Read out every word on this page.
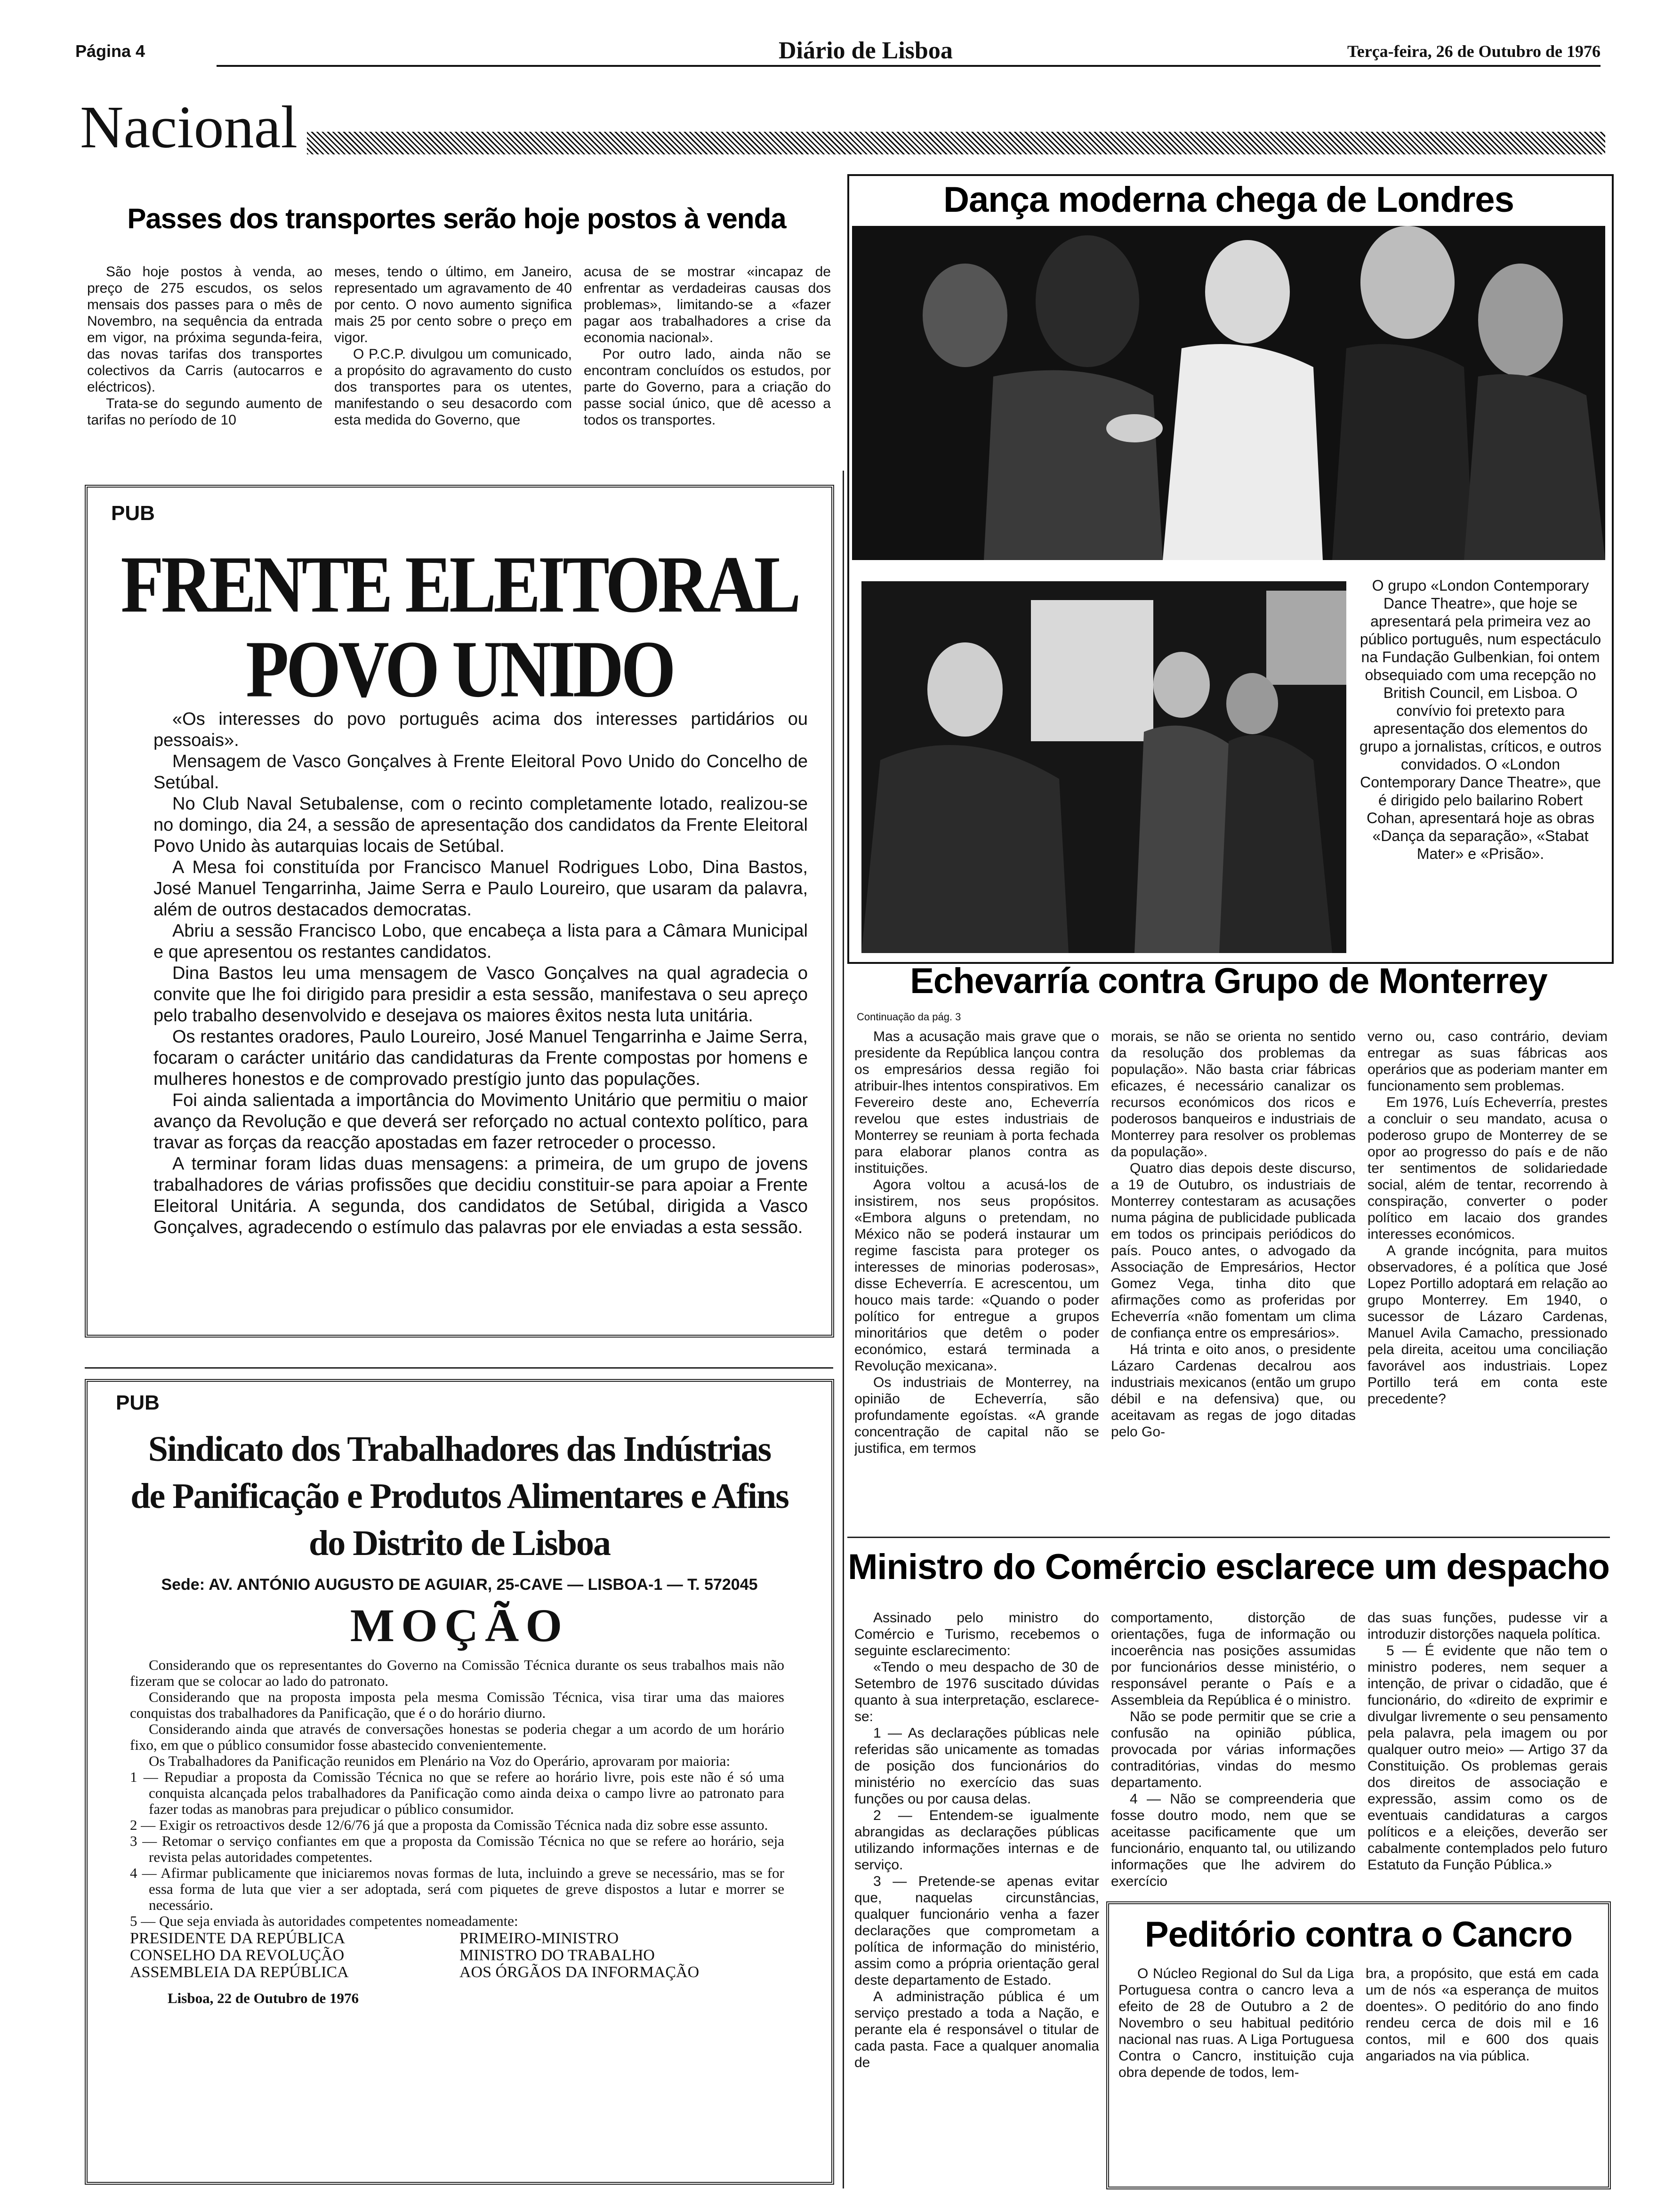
Página 4	Diário de Lisboa	Terça-feira, 26 de Outubro de 1976
Nacional
Passes dos transportes serão hoje postos à venda

São hoje postos à venda, ao preço de 275 escudos, os selos mensais dos passes para o mês de Novembro, na sequência da entrada em vigor, na próxima segunda-feira, das novas tarifas dos transportes colectivos da Carris (autocarros e eléctricos).

Trata-se do segundo aumento de tarifas no período de 10

meses, tendo o último, em Janeiro, representado um agravamento de 40 por cento. O novo aumento significa mais 25 por cento sobre o preço em vigor.

O P.C.P. divulgou um comunicado, a propósito do agravamento do custo dos transportes para os utentes, manifestando o seu desacordo com esta medida do Governo, que

acusa de se mostrar «incapaz de enfrentar as verdadeiras causas dos problemas», limitando-se a «fazer pagar aos trabalhadores a crise da economia nacional».

Por outro lado, ainda não se encontram concluídos os estudos, por parte do Governo, para a criação do passe social único, que dê acesso a todos os transportes.

PUB
FRENTE ELEITORAL
POVO UNIDO

«Os interesses do povo português acima dos interesses partidários ou pessoais».

Mensagem de Vasco Gonçalves à Frente Eleitoral Povo Unido do Concelho de Setúbal.

No Club Naval Setubalense, com o recinto completamente lotado, realizou-se no domingo, dia 24, a sessão de apresentação dos candidatos da Frente Eleitoral Povo Unido às autarquias locais de Setúbal.

A Mesa foi constituída por Francisco Manuel Rodrigues Lobo, Dina Bastos, José Manuel Tengarrinha, Jaime Serra e Paulo Loureiro, que usaram da palavra, além de outros destacados democratas.

Abriu a sessão Francisco Lobo, que encabeça a lista para a Câmara Municipal e que apresentou os restantes candidatos.

Dina Bastos leu uma mensagem de Vasco Gonçalves na qual agradecia o convite que lhe foi dirigido para presidir a esta sessão, manifestava o seu apreço pelo trabalho desenvolvido e desejava os maiores êxitos nesta luta unitária.

Os restantes oradores, Paulo Loureiro, José Manuel Tengarrinha e Jaime Serra, focaram o carácter unitário das candidaturas da Frente compostas por homens e mulheres honestos e de comprovado prestígio junto das populações.

Foi ainda salientada a importância do Movimento Unitário que permitiu o maior avanço da Revolução e que deverá ser reforçado no actual contexto político, para travar as forças da reacção apostadas em fazer retroceder o processo.

A terminar foram lidas duas mensagens: a primeira, de um grupo de jovens trabalhadores de várias profissões que decidiu constituir-se para apoiar a Frente Eleitoral Unitária. A segunda, dos candidatos de Setúbal, dirigida a Vasco Gonçalves, agradecendo o estímulo das palavras por ele enviadas a esta sessão.

PUB
Sindicato dos Trabalhadores das Indústrias
de Panificação e Produtos Alimentares e Afins
do Distrito de Lisboa
Sede: AV. ANTÓNIO AUGUSTO DE AGUIAR, 25-CAVE — LISBOA-1 — T. 572045
MOÇÃO

Considerando que os representantes do Governo na Comissão Técnica durante os seus trabalhos mais não fizeram que se colocar ao lado do patronato.

Considerando que na proposta imposta pela mesma Comissão Técnica, visa tirar uma das maiores conquistas dos trabalhadores da Panificação, que é o do horário diurno.

Considerando ainda que através de conversações honestas se poderia chegar a um acordo de um horário fixo, em que o público consumidor fosse abastecido convenientemente.

Os Trabalhadores da Panificação reunidos em Plenário na Voz do Operário, aprovaram por maioria:

1 — Repudiar a proposta da Comissão Técnica no que se refere ao horário livre, pois este não é só uma conquista alcançada pelos trabalhadores da Panificação como ainda deixa o campo livre ao patronato para fazer todas as manobras para prejudicar o público consumidor.
2 — Exigir os retroactivos desde 12/6/76 já que a proposta da Comissão Técnica nada diz sobre esse assunto.
3 — Retomar o serviço confiantes em que a proposta da Comissão Técnica no que se refere ao horário, seja revista pelas autoridades competentes.
4 — Afirmar publicamente que iniciaremos novas formas de luta, incluindo a greve se necessário, mas se for essa forma de luta que vier a ser adoptada, será com piquetes de greve dispostos a lutar e morrer se necessário.
5 — Que seja enviada às autoridades competentes nomeadamente:
PRESIDENTE DA REPÚBLICA
CONSELHO DA REVOLUÇÃO
ASSEMBLEIA DA REPÚBLICA
PRIMEIRO-MINISTRO
MINISTRO DO TRABALHO
AOS ÓRGÃOS DA INFORMAÇÃO
Lisboa, 22 de Outubro de 1976
Dança moderna chega de Londres
O grupo «London Contemporary Dance Theatre», que hoje se apresentará pela primeira vez ao público português, num espectáculo na Fundação Gulbenkian, foi ontem obsequiado com uma recepção no British Council, em Lisboa. O convívio foi pretexto para apresentação dos elementos do grupo a jornalistas, críticos, e outros convidados. O «London Contemporary Dance Theatre», que é dirigido pelo bailarino Robert Cohan, apresentará hoje as obras «Dança da separação», «Stabat Mater» e «Prisão».
Echevarría contra Grupo de Monterrey
Continuação da pág. 3

Mas a acusação mais grave que o presidente da República lançou contra os empresários dessa região foi atribuir-lhes intentos conspirativos. Em Fevereiro deste ano, Echeverría revelou que estes industriais de Monterrey se reuniam à porta fechada para elaborar planos contra as instituições.

Agora voltou a acusá-los de insistirem, nos seus propósitos. «Embora alguns o pretendam, no México não se poderá instaurar um regime fascista para proteger os interesses de minorias poderosas», disse Echeverría. E acrescentou, um houco mais tarde: «Quando o poder político for entregue a grupos minoritários que detêm o poder económico, estará terminada a Revolução mexicana».

Os industriais de Monterrey, na opinião de Echeverría, são profundamente egoístas. «A grande concentração de capital não se justifica, em termos

morais, se não se orienta no sentido da resolução dos problemas da população». Não basta criar fábricas eficazes, é necessário canalizar os recursos económicos dos ricos e poderosos banqueiros e industriais de Monterrey para resolver os problemas da população».

Quatro dias depois deste discurso, a 19 de Outubro, os industriais de Monterrey contestaram as acusações numa página de publicidade publicada em todos os principais periódicos do país. Pouco antes, o advogado da Associação de Empresários, Hector Gomez Vega, tinha dito que afirmações como as proferidas por Echeverría «não fomentam um clima de confiança entre os empresários».

Há trinta e oito anos, o presidente Lázaro Cardenas decalrou aos industriais mexicanos (então um grupo débil e na defensiva) que, ou aceitavam as regas de jogo ditadas pelo Go-

verno ou, caso contrário, deviam entregar as suas fábricas aos operários que as poderiam manter em funcionamento sem problemas.

Em 1976, Luís Echeverría, prestes a concluir o seu mandato, acusa o poderoso grupo de Monterrey de se opor ao progresso do país e de não ter sentimentos de solidariedade social, além de tentar, recorrendo à conspiração, converter o poder político em lacaio dos grandes interesses económicos.

A grande incógnita, para muitos observadores, é a política que José Lopez Portillo adoptará em relação ao grupo Monterrey. Em 1940, o sucessor de Lázaro Cardenas, Manuel Avila Camacho, pressionado pela direita, aceitou uma conciliação favorável aos industriais. Lopez Portillo terá em conta este precedente?

Ministro do Comércio esclarece um despacho

Assinado pelo ministro do Comércio e Turismo, recebemos o seguinte esclarecimento:

«Tendo o meu despacho de 30 de Setembro de 1976 suscitado dúvidas quanto à sua interpretação, esclarece-se:

1 — As declarações públicas nele referidas são unicamente as tomadas de posição dos funcionários do ministério no exercício das suas funções ou por causa delas.

2 — Entendem-se igualmente abrangidas as declarações públicas utilizando informações internas e de serviço.

3 — Pretende-se apenas evitar que, naquelas circunstâncias, qualquer funcionário venha a fazer declarações que comprometam a política de informação do ministério, assim como a própria orientação geral deste departamento de Estado.

A administração pública é um serviço prestado a toda a Nação, e perante ela é responsável o titular de cada pasta. Face a qualquer anomalia de

comportamento, distorção de orientações, fuga de informação ou incoerência nas posições assumidas por funcionários desse ministério, o responsável perante o País e a Assembleia da República é o ministro.

Não se pode permitir que se crie a confusão na opinião pública, provocada por várias informações contraditórias, vindas do mesmo departamento.

4 — Não se compreenderia que fosse doutro modo, nem que se aceitasse pacificamente que um funcionário, enquanto tal, ou utilizando informações que lhe advirem do exercício

das suas funções, pudesse vir a introduzir distorções naquela política.

5 — É evidente que não tem o ministro poderes, nem sequer a intenção, de privar o cidadão, que é funcionário, do «direito de exprimir e divulgar livremente o seu pensamento pela palavra, pela imagem ou por qualquer outro meio» — Artigo 37 da Constituição. Os problemas gerais dos direitos de associação e expressão, assim como os de eventuais candidaturas a cargos políticos e a eleições, deverão ser cabalmente contemplados pelo futuro Estatuto da Função Pública.»

Peditório contra o Cancro

O Núcleo Regional do Sul da Liga Portuguesa contra o cancro leva a efeito de 28 de Outubro a 2 de Novembro o seu habitual peditório nacional nas ruas. A Liga Portuguesa Contra o Cancro, instituição cuja obra depende de todos, lem-

bra, a propósito, que está em cada um de nós «a esperança de muitos doentes». O peditório do ano findo rendeu cerca de dois mil e 16 contos, mil e 600 dos quais angariados na via pública.
